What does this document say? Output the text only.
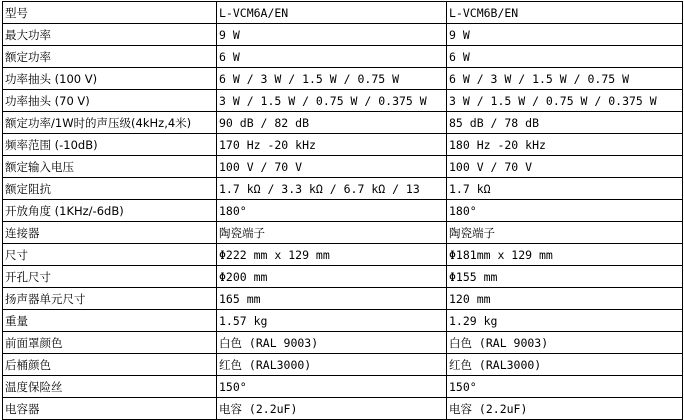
型号	L-VCM6A/EN	L-VCM6B/EN
最大功率	9 W	9 W
额定功率	6 W	6 W
功率抽头 (100 V)	6 W / 3 W / 1.5 W / 0.75 W	6 W / 3 W / 1.5 W / 0.75 W
功率抽头 (70 V)	3 W / 1.5 W / 0.75 W / 0.375 W	3 W / 1.5 W / 0.75 W / 0.375 W
额定功率/1W时的声压级(4kHz,4米)	90 dB / 82 dB	85 dB / 78 dB
频率范围 (-10dB)	170 Hz -20 kHz	180 Hz -20 kHz
额定输入电压	100 V / 70 V	100 V / 70 V
额定阻抗	1.7 kΩ / 3.3 kΩ / 6.7 kΩ / 13	1.7 kΩ
开放角度 (1KHz/-6dB)	180°	180°
连接器	陶瓷端子	陶瓷端子
尺寸	Φ222 mm x 129 mm	Φ181mm x 129 mm
开孔尺寸	Φ200 mm	Φ155 mm
扬声器单元尺寸	165 mm	120 mm
重量	1.57 kg	1.29 kg
前面罩颜色	白色 (RAL 9003)	白色 (RAL 9003)
后桶颜色	红色 (RAL3000)	红色 (RAL3000)
温度保险丝	150°	150°
电容器	电容 (2.2uF)	电容 (2.2uF)
